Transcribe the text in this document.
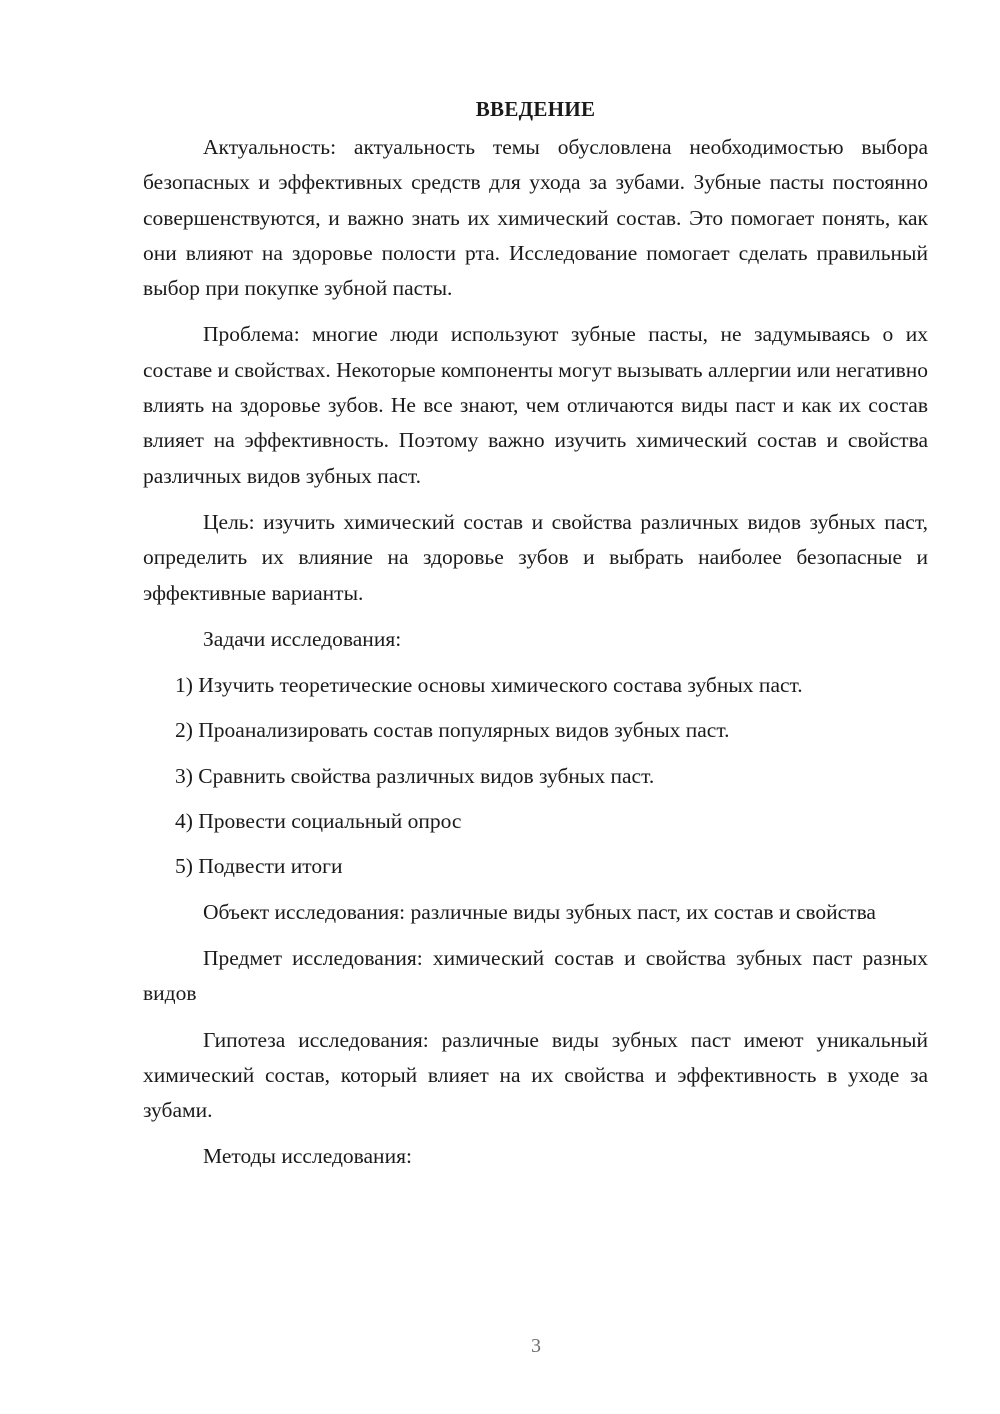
ВВЕДЕНИЕ

Актуальность: актуальность темы обусловлена необходимостью выбора безопасных и эффективных средств для ухода за зубами. Зубные пасты постоянно совершенствуются, и важно знать их химический состав. Это помогает понять, как они влияют на здоровье полости рта. Исследование помогает сделать правильный выбор при покупке зубной пасты.

Проблема: многие люди используют зубные пасты, не задумываясь о их составе и свойствах. Некоторые компоненты могут вызывать аллергии или негативно влиять на здоровье зубов. Не все знают, чем отличаются виды паст и как их состав влияет на эффективность. Поэтому важно изучить химический состав и свойства различных видов зубных паст.

Цель: изучить химический состав и свойства различных видов зубных паст, определить их влияние на здоровье зубов и выбрать наиболее безопасные и эффективные варианты.

Задачи исследования:

1) Изучить теоретические основы химического состава зубных паст.
2) Проанализировать состав популярных видов зубных паст.
3) Сравнить свойства различных видов зубных паст.
4) Провести социальный опрос
5) Подвести итоги

Объект исследования: различные виды зубных паст, их состав и свойства

Предмет исследования: химический состав и свойства зубных паст разных видов

Гипотеза исследования: различные виды зубных паст имеют уникальный химический состав, который влияет на их свойства и эффективность в уходе за зубами.

Методы исследования:

3
